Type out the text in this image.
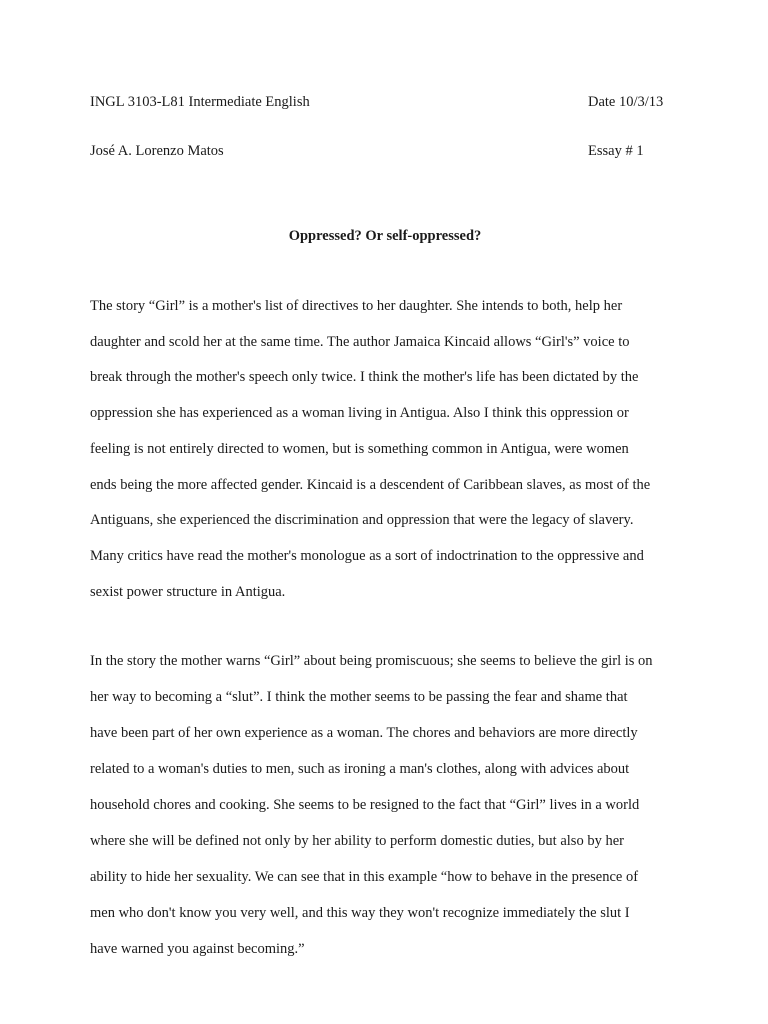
INGL 3103-L81 Intermediate English	Date 10/3/13
José A. Lorenzo Matos	Essay # 1
Oppressed? Or self-oppressed?
The story “Girl” is a mother's list of directives to her daughter. She intends to both, help her
daughter and scold her at the same time. The author Jamaica Kincaid allows “Girl's” voice to
break through the mother's speech only twice. I think the mother's life has been dictated by the
oppression she has experienced as a woman living in Antigua. Also I think this oppression or
feeling is not entirely directed to women, but is something common in Antigua, were women
ends being the more affected gender. Kincaid is a descendent of Caribbean slaves, as most of the
Antiguans, she experienced the discrimination and oppression that were the legacy of slavery.
Many critics have read the mother's monologue as a sort of indoctrination to the oppressive and
sexist power structure in Antigua.
In the story the mother warns “Girl” about being promiscuous; she seems to believe the girl is on
her way to becoming a “slut”. I think the mother seems to be passing the fear and shame that
have been part of her own experience as a woman. The chores and behaviors are more directly
related to a woman's duties to men, such as ironing a man's clothes, along with advices about
household chores and cooking. She seems to be resigned to the fact that “Girl” lives in a world
where she will be defined not only by her ability to perform domestic duties, but also by her
ability to hide her sexuality. We can see that in this example “how to behave in the presence of
men who don't know you very well, and this way they won't recognize immediately the slut I
have warned you against becoming.”
